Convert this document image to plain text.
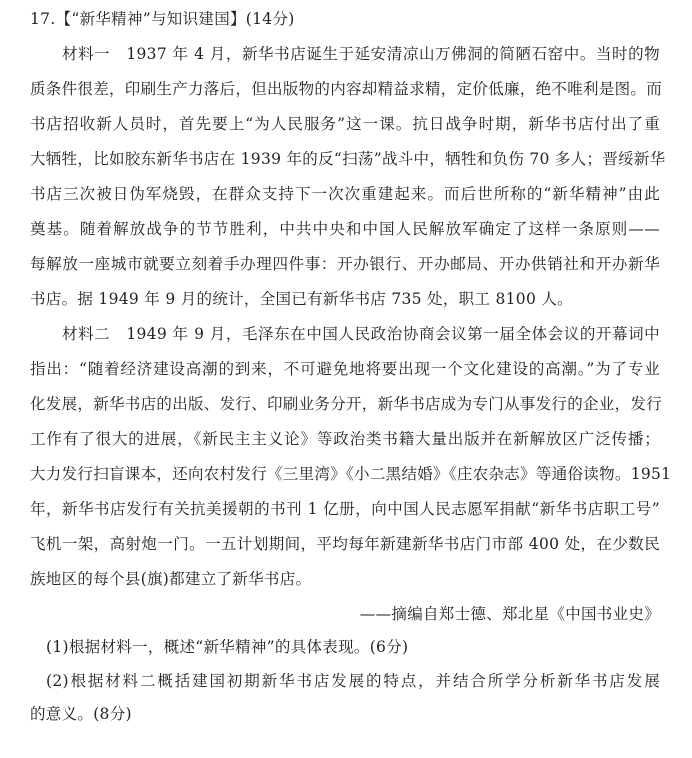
17.【“新华精神”与知识建国】(14分)
材料一　1937 年 4 月，新华书店诞生于延安清凉山万佛洞的简陋石窑中。当时的物
质条件很差，印刷生产力落后，但出版物的内容却精益求精，定价低廉，绝不唯利是图。而
书店招收新人员时，首先要上“为人民服务”这一课。抗日战争时期，新华书店付出了重
大牺牲，比如胶东新华书店在 1939 年的反“扫荡”战斗中，牺牲和负伤 70 多人；晋绥新华
书店三次被日伪军烧毁，在群众支持下一次次重建起来。而后世所称的“新华精神”由此
奠基。随着解放战争的节节胜利，中共中央和中国人民解放军确定了这样一条原则——
每解放一座城市就要立刻着手办理四件事：开办银行、开办邮局、开办供销社和开办新华
书店。据 1949 年 9 月的统计，全国已有新华书店 735 处，职工 8100 人。
材料二　1949 年 9 月，毛泽东在中国人民政治协商会议第一届全体会议的开幕词中
指出：“随着经济建设高潮的到来，不可避免地将要出现一个文化建设的高潮。”为了专业
化发展，新华书店的出版、发行、印刷业务分开，新华书店成为专门从事发行的企业，发行
工作有了很大的进展，《新民主主义论》等政治类书籍大量出版并在新解放区广泛传播；
大力发行扫盲课本，还向农村发行《三里湾》《小二黑结婚》《庄农杂志》等通俗读物。1951
年，新华书店发行有关抗美援朝的书刊 1 亿册，向中国人民志愿军捐献“新华书店职工号”
飞机一架，高射炮一门。一五计划期间，平均每年新建新华书店门市部 400 处，在少数民
族地区的每个县(旗)都建立了新华书店。
——摘编自郑士德、郑北星《中国书业史》
(1)根据材料一，概述“新华精神”的具体表现。(6分)
(2)根据材料二概括建国初期新华书店发展的特点，并结合所学分析新华书店发展
的意义。(8分)
